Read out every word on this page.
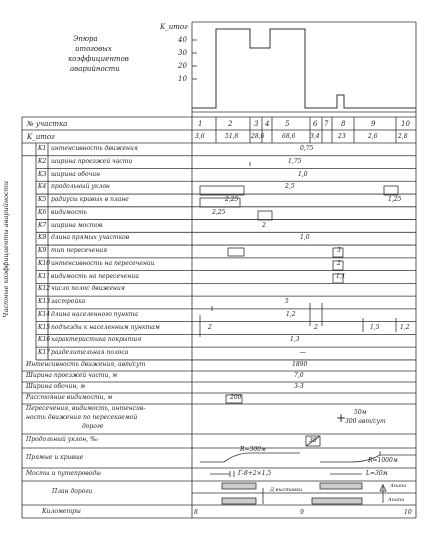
Эпюра
итоговых
коэффициентов
аварийности
K_итог
40
30
20
10
№ участка
K_итог
1	2	3 4 5	6 7 8	9	10
3,6	51,8 28,6	68,6 3,4	23	2,6	2,8
Частные коэффициенты аварийности
K1 интенсивность движения	0,75
K2 ширина проезжей части	1,75
K3 ширина обочин	1,0
K4 продольный уклон	2,5
K5 радиусы кривых в плане	2,25	1,25
K6 видимость	2,25
K7 ширина мостов	2
K8 длина прямых участков	1,0
K9 тип пересечения	3
K10 интенсивность на пересечении	2
K11 видимость на пересечении	1,1
K12 число полос движения
K13 застройка	5
K14 длина населенного пункта	1,2
K15 подъезды к населенным пунктам	2	2	1,5	1,2
K16 характеристика покрытия	1,3
K17 разделительная полоса	—
Интенсивность движения, авт/сут	1890
Ширина проезжей части, м	7,0
Ширина обочин, м	3-3
Расстояние видимости, м	200
Пересечения, видимость, интенсив-
ность движения по пересекаемой
дороге
+ 50м
300 авт/сут
Продольный уклон, ‰	30
Прямые и кривые
R=300м
R=1000м
Мосты и путепроводы	Г-8+2×1,5	L=30м
План дороги	Д выставки
Анапа
Анапа
Километры	8	9	10
